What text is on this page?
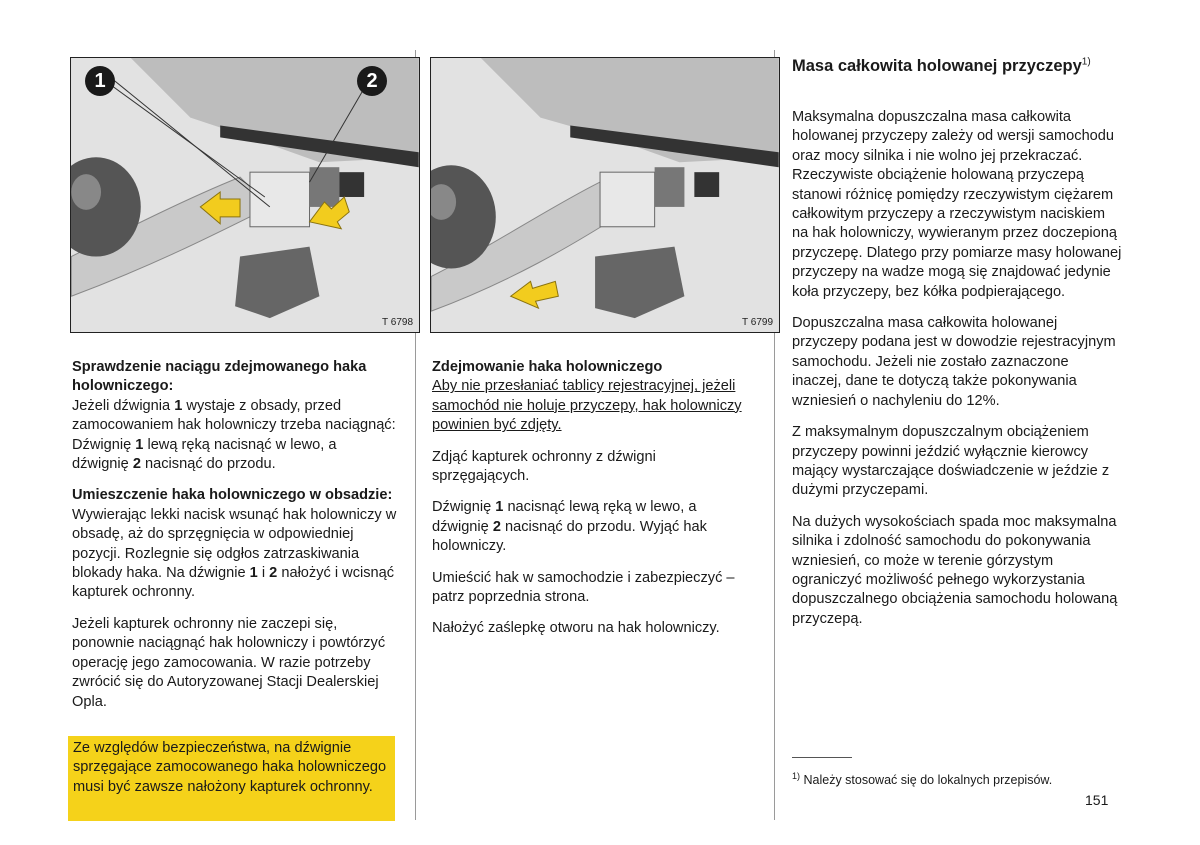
1	2
T 6798	T 6799
Sprawdzenie naciągu zdejmowanego haka holowniczego:

Jeżeli dźwignia 1 wystaje z obsady, przed zamocowaniem hak holowniczy trzeba naciągnąć: Dźwignię 1 lewą ręką nacisnąć w lewo, a dźwignię 2 nacisnąć do przodu.

Umieszczenie haka holowniczego w obsadzie:

Wywierając lekki nacisk wsunąć hak holowniczy w obsadę, aż do sprzęgnięcia w odpowiedniej pozycji. Rozlegnie się odgłos zatrzaskiwania blokady haka. Na dźwignie 1 i 2 nałożyć i wcisnąć kapturek ochronny.

Jeżeli kapturek ochronny nie zaczepi się, ponownie naciągnąć hak holowniczy i powtórzyć operację jego zamocowania. W razie potrzeby zwrócić się do Autoryzowanej Stacji Dealerskiej Opla.

Ze względów bezpieczeństwa, na dźwignie sprzęgające zamocowanego haka holowniczego musi być zawsze nałożony kapturek ochronny.
Zdejmowanie haka holowniczego

Aby nie przesłaniać tablicy rejestracyjnej, jeżeli samochód nie holuje przyczepy, hak holowniczy powinien być zdjęty.

Zdjąć kapturek ochronny z dźwigni sprzęgających.

Dźwignię 1 nacisnąć lewą ręką w lewo, a dźwignię 2 nacisnąć do przodu. Wyjąć hak holowniczy.

Umieścić hak w samochodzie i zabezpieczyć – patrz poprzednia strona.

Nałożyć zaślepkę otworu na hak holowniczy.

Masa całkowita holowanej przyczepy$^{1)}$

Maksymalna dopuszczalna masa całkowita holowanej przyczepy zależy od wersji samochodu oraz mocy silnika i nie wolno jej przekraczać. Rzeczywiste obciążenie holowaną przyczepą stanowi różnicę pomiędzy rzeczywistym ciężarem całkowitym przyczepy a rzeczywistym naciskiem na hak holowniczy, wywieranym przez doczepioną przyczepę. Dlatego przy pomiarze masy holowanej przyczepy na wadze mogą się znajdować jedynie koła przyczepy, bez kółka podpierającego.

Dopuszczalna masa całkowita holowanej przyczepy podana jest w dowodzie rejestracyjnym samochodu. Jeżeli nie zostało zaznaczone inaczej, dane te dotyczą także pokonywania wzniesień o nachyleniu do 12%.

Z maksymalnym dopuszczalnym obciążeniem przyczepy powinni jeździć wyłącznie kierowcy mający wystarczające doświadczenie w jeździe z dużymi przyczepami.

Na dużych wysokościach spada moc maksymalna silnika i zdolność samochodu do pokonywania wzniesień, co może w terenie górzystym ograniczyć możliwość pełnego wykorzystania dopuszczalnego obciążenia samochodu holowaną przyczepą.

$^{1)}$ Należy stosować się do lokalnych przepisów.
151
